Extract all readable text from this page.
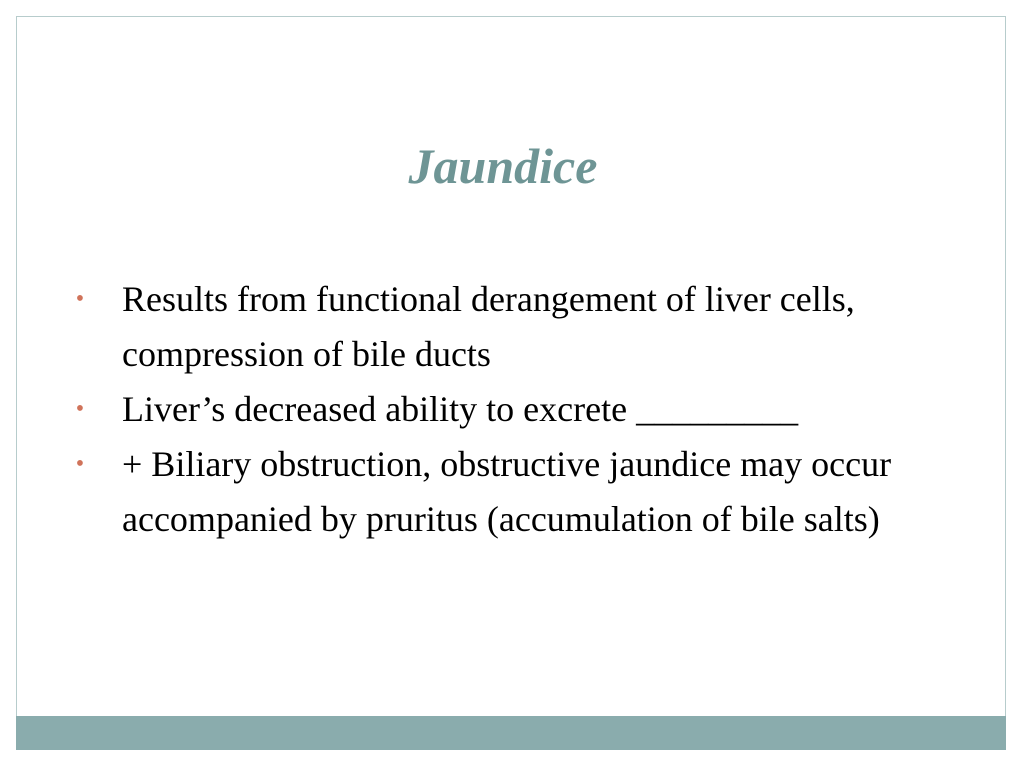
Jaundice
• Results from functional derangement of liver cells, compression of bile ducts
• Liver’s decreased ability to excrete _________
• + Biliary obstruction, obstructive jaundice may occur accompanied by pruritus (accumulation of bile salts)
